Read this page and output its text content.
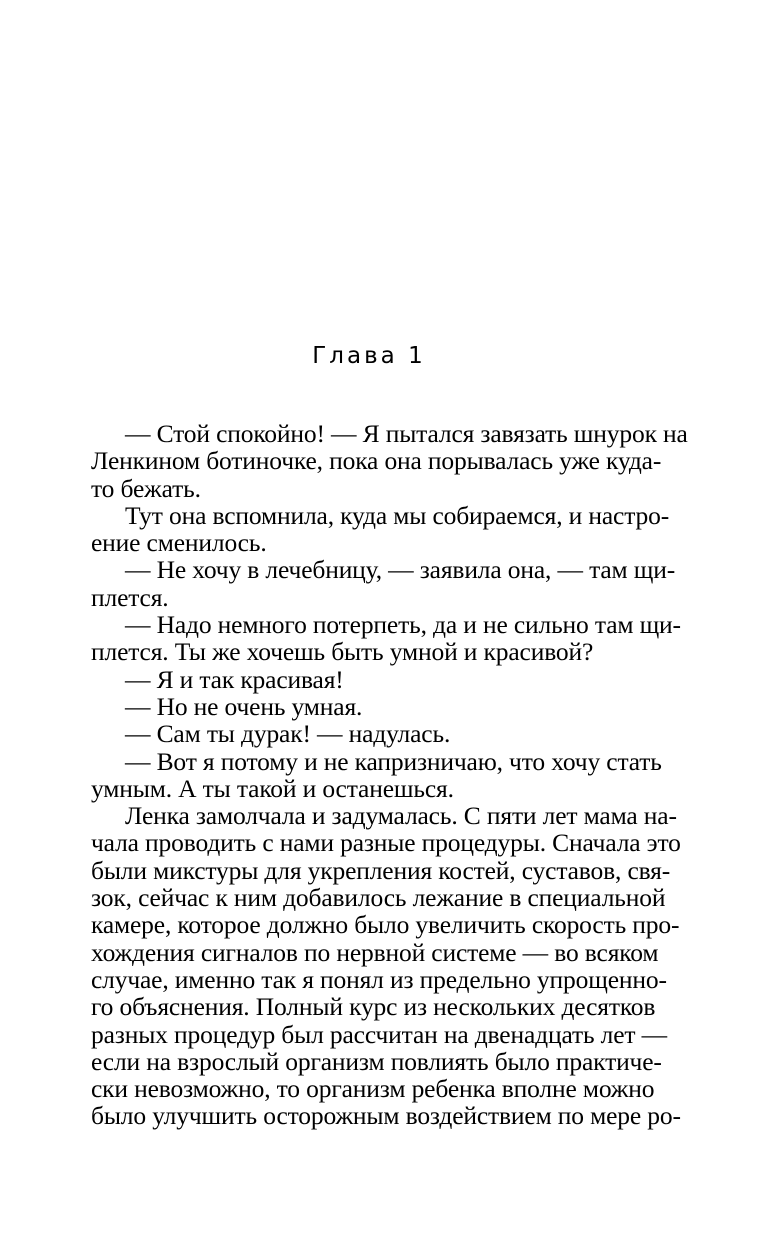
Глава 1
— Стой спокойно! — Я пытался завязать шнурок на
Ленкином ботиночке, пока она порывалась уже куда-
то бежать.
Тут она вспомнила, куда мы собираемся, и настро-
ение сменилось.
— Не хочу в лечебницу, — заявила она, — там щи-
плется.
— Надо немного потерпеть, да и не сильно там щи-
плется. Ты же хочешь быть умной и красивой?
— Я и так красивая!
— Но не очень умная.
— Сам ты дурак! — надулась.
— Вот я потому и не капризничаю, что хочу стать
умным. А ты такой и останешься.
Ленка замолчала и задумалась. С пяти лет мама на-
чала проводить с нами разные процедуры. Сначала это
были микстуры для укрепления костей, суставов, свя-
зок, сейчас к ним добавилось лежание в специальной
камере, которое должно было увеличить скорость про-
хождения сигналов по нервной системе — во всяком
случае, именно так я понял из предельно упрощенно-
го объяснения. Полный курс из нескольких десятков
разных процедур был рассчитан на двенадцать лет —
если на взрослый организм повлиять было практиче-
ски невозможно, то организм ребенка вполне можно
было улучшить осторожным воздействием по мере ро-
